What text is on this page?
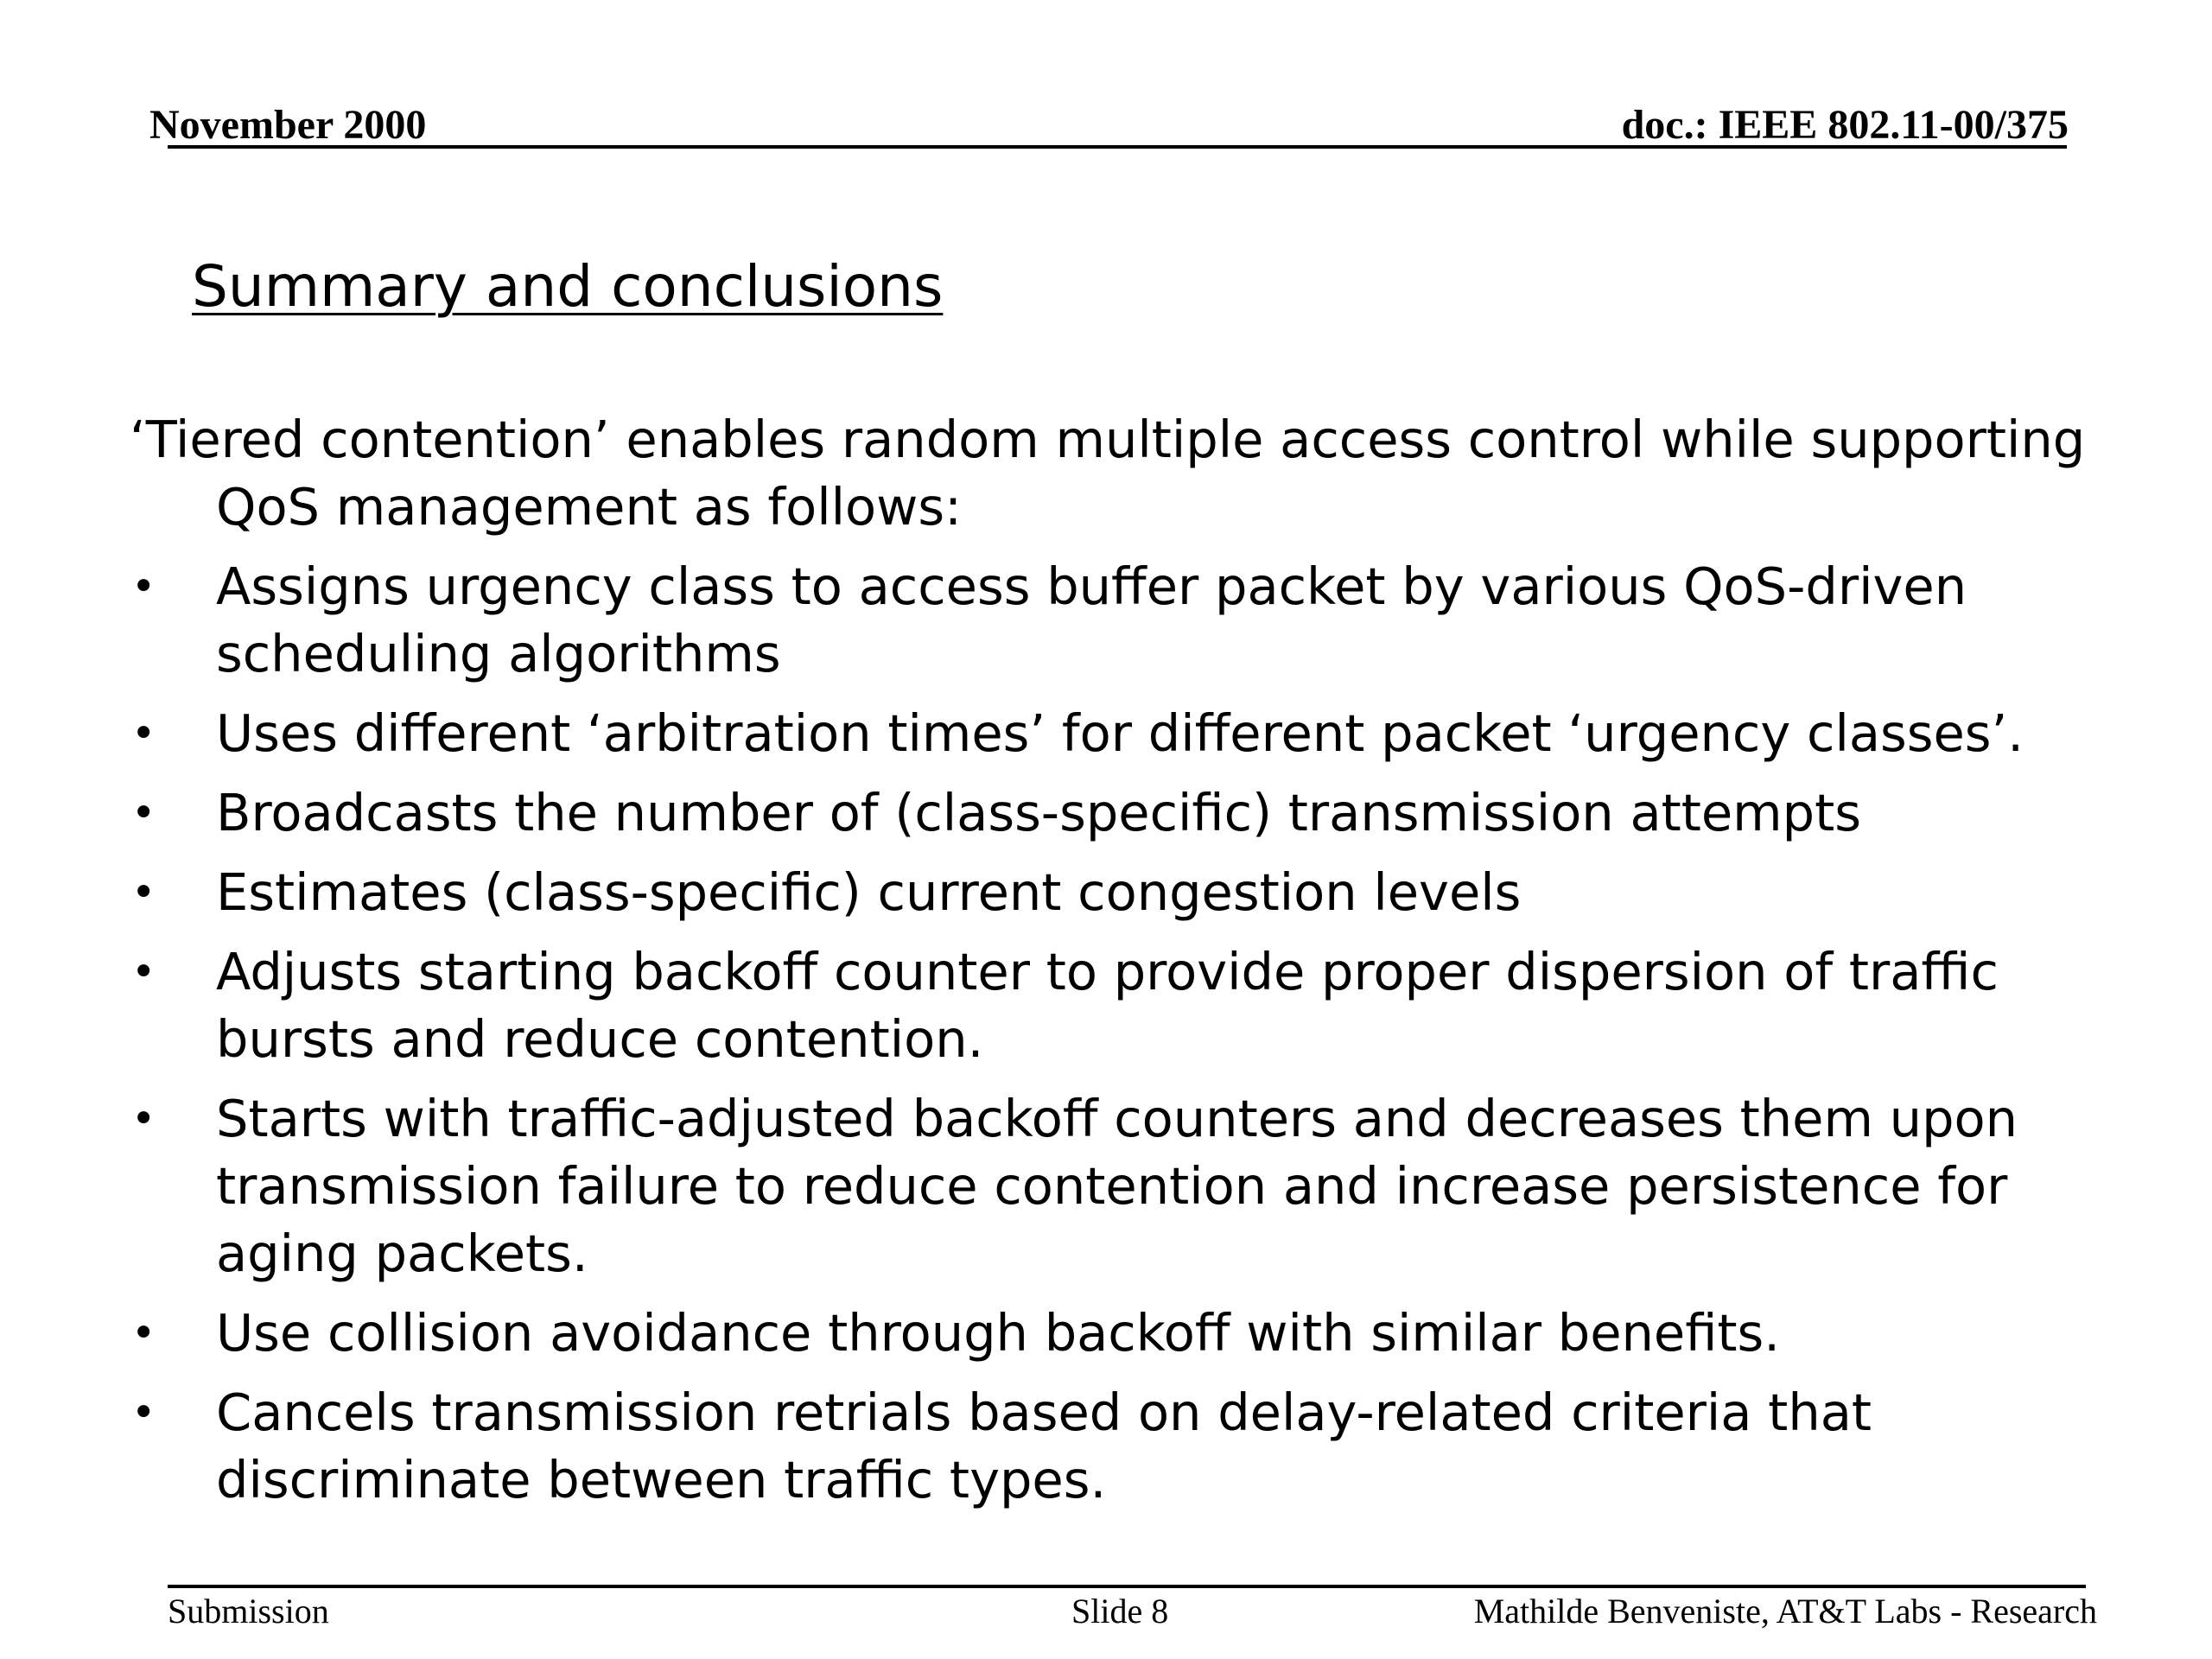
November 2000	doc.: IEEE 802.11-00/375
Summary and conclusions

‘Tiered contention’ enables random multiple access control while supporting QoS management as follows:

• Assigns urgency class to access buffer packet by various QoS-driven scheduling algorithms
• Uses different ‘arbitration times’ for different packet ‘urgency classes’.
• Broadcasts the number of (class-specific) transmission attempts
• Estimates (class-specific) current congestion levels
• Adjusts starting backoff counter to provide proper dispersion of traffic bursts and reduce contention.
• Starts with traffic-adjusted backoff counters and decreases them upon transmission failure to reduce contention and increase persistence for aging packets.
• Use collision avoidance through backoff with similar benefits.
• Cancels transmission retrials based on delay-related criteria that discriminate between traffic types.
Submission	Slide 8	Mathilde Benveniste, AT&T Labs - Research
